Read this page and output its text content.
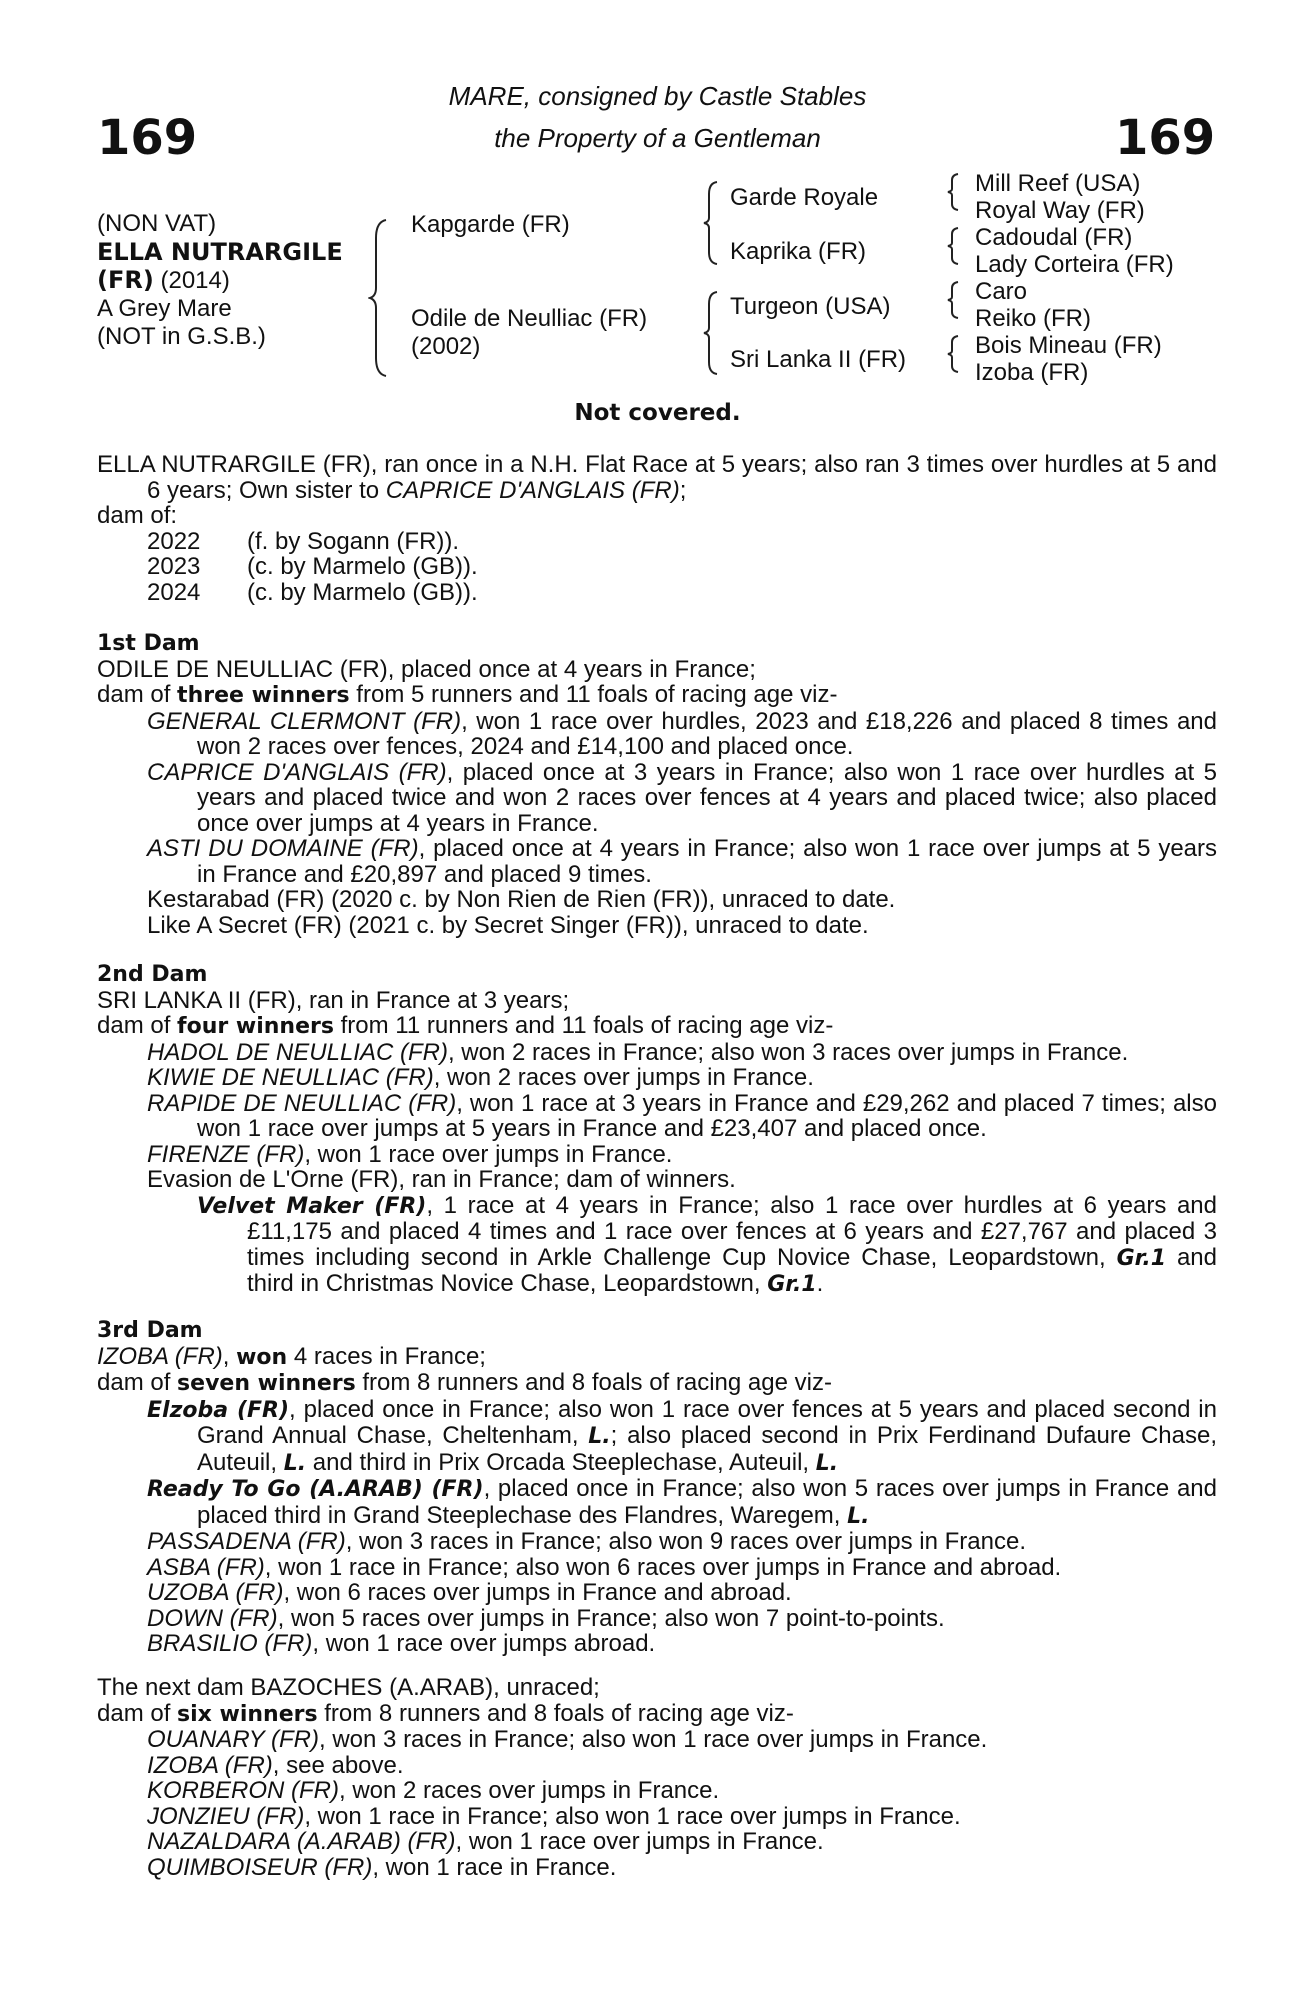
169	169
MARE, consigned by Castle Stables
the Property of a Gentleman
(NON VAT)
ELLA NUTRARGILE
(FR) (2014)
A Grey Mare
(NOT in G.S.B.)
Kapgarde (FR)
Odile de Neulliac (FR)
(2002)
Garde Royale
Kaprika (FR)
Turgeon (USA)
Sri Lanka II (FR)
Mill Reef (USA)
Royal Way (FR)
Cadoudal (FR)
Lady Corteira (FR)
Caro
Reiko (FR)
Bois Mineau (FR)
Izoba (FR)
Not covered.

ELLA NUTRARGILE (FR), ran once in a N.H. Flat Race at 5 years; also ran 3 times over hurdles at 5 and 6 years; Own sister to CAPRICE D'ANGLAIS (FR);

dam of:

2022 (f. by Sogann (FR)).

2023 (c. by Marmelo (GB)).

2024 (c. by Marmelo (GB)).

1st Dam

ODILE DE NEULLIAC (FR), placed once at 4 years in France;

dam of three winners from 5 runners and 11 foals of racing age viz-

GENERAL CLERMONT (FR), won 1 race over hurdles, 2023 and £18,226 and placed 8 times and won 2 races over fences, 2024 and £14,100 and placed once.

CAPRICE D'ANGLAIS (FR), placed once at 3 years in France; also won 1 race over hurdles at 5 years and placed twice and won 2 races over fences at 4 years and placed twice; also placed once over jumps at 4 years in France.

ASTI DU DOMAINE (FR), placed once at 4 years in France; also won 1 race over jumps at 5 years in France and £20,897 and placed 9 times.

Kestarabad (FR) (2020 c. by Non Rien de Rien (FR)), unraced to date.

Like A Secret (FR) (2021 c. by Secret Singer (FR)), unraced to date.

2nd Dam

SRI LANKA II (FR), ran in France at 3 years;

dam of four winners from 11 runners and 11 foals of racing age viz-

HADOL DE NEULLIAC (FR), won 2 races in France; also won 3 races over jumps in France.

KIWIE DE NEULLIAC (FR), won 2 races over jumps in France.

RAPIDE DE NEULLIAC (FR), won 1 race at 3 years in France and £29,262 and placed 7 times; also won 1 race over jumps at 5 years in France and £23,407 and placed once.

FIRENZE (FR), won 1 race over jumps in France.

Evasion de L'Orne (FR), ran in France; dam of winners.

Velvet Maker (FR), 1 race at 4 years in France; also 1 race over hurdles at 6 years and £11,175 and placed 4 times and 1 race over fences at 6 years and £27,767 and placed 3 times including second in Arkle Challenge Cup Novice Chase, Leopardstown, Gr.1 and third in Christmas Novice Chase, Leopardstown, Gr.1.

3rd Dam

IZOBA (FR), won 4 races in France;

dam of seven winners from 8 runners and 8 foals of racing age viz-

Elzoba (FR), placed once in France; also won 1 race over fences at 5 years and placed second in Grand Annual Chase, Cheltenham, L.; also placed second in Prix Ferdinand Dufaure Chase, Auteuil, L. and third in Prix Orcada Steeplechase, Auteuil, L.

Ready To Go (A.ARAB) (FR), placed once in France; also won 5 races over jumps in France and placed third in Grand Steeplechase des Flandres, Waregem, L.

PASSADENA (FR), won 3 races in France; also won 9 races over jumps in France.

ASBA (FR), won 1 race in France; also won 6 races over jumps in France and abroad.

UZOBA (FR), won 6 races over jumps in France and abroad.

DOWN (FR), won 5 races over jumps in France; also won 7 point-to-points.

BRASILIO (FR), won 1 race over jumps abroad.

The next dam BAZOCHES (A.ARAB), unraced;

dam of six winners from 8 runners and 8 foals of racing age viz-

OUANARY (FR), won 3 races in France; also won 1 race over jumps in France.

IZOBA (FR), see above.

KORBERON (FR), won 2 races over jumps in France.

JONZIEU (FR), won 1 race in France; also won 1 race over jumps in France.

NAZALDARA (A.ARAB) (FR), won 1 race over jumps in France.

QUIMBOISEUR (FR), won 1 race in France.
